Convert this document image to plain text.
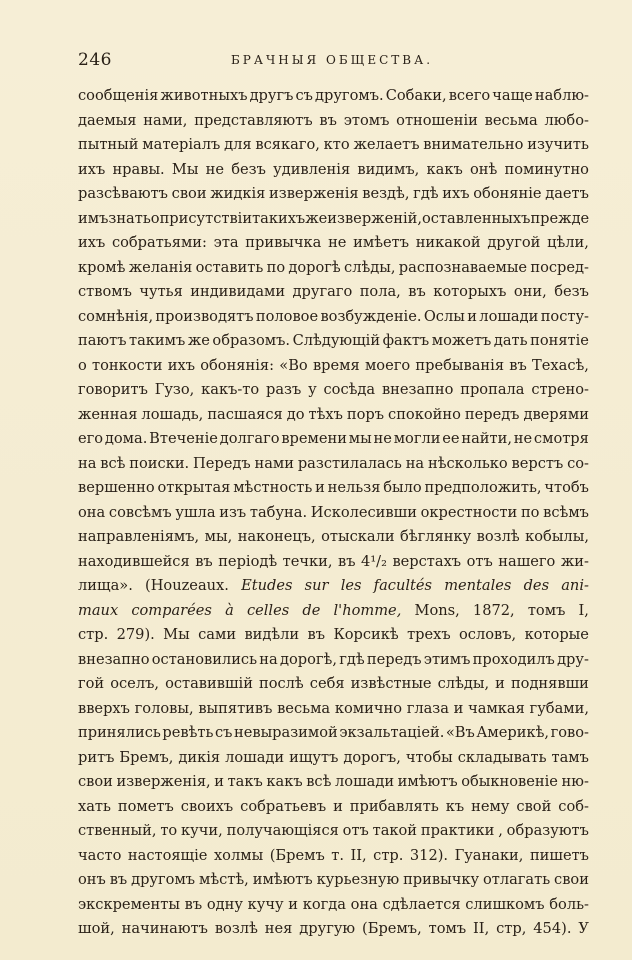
246	БРАЧНЫЯ ОБЩЕСТВА.
сообщенія животныхъ другъ съ другомъ. Собаки, всего чаще наблю-
даемыя нами, представляютъ въ этомъ отношеніи весьма любо-
пытный матеріалъ для всякаго, кто желаетъ внимательно изучить
ихъ нравы. Мы не безъ удивленія видимъ, какъ онѣ поминутно
разсѣваютъ свои жидкія изверженія вездѣ, гдѣ ихъ обоняніе даетъ
имъ знать о присутствіи такихъ же изверженій, оставленныхъ прежде
ихъ собратьями: эта привычка не имѣетъ никакой другой цѣли,
кромѣ желанія оставить по дорогѣ слѣды, распознаваемые посред-
ствомъ чутья индивидами другаго пола, въ которыхъ они, безъ
сомнѣнія, производятъ половое возбужденіе. Ослы и лошади посту-
паютъ такимъ же образомъ. Слѣдующій фактъ можетъ дать понятіе
о тонкости ихъ обонянія: «Во время моего пребыванія въ Техасѣ,
говоритъ Гузо, какъ-то разъ у сосѣда внезапно пропала стрено-
женная лошадь, пасшаяся до тѣхъ поръ спокойно передъ дверями
его дома. Втеченіе долгаго времени мы не могли ее найти, не смотря
на всѣ поиски. Передъ нами разстилалась на нѣсколько верстъ со-
вершенно открытая мѣстность и нельзя было предположить, чтобъ
она совсѣмъ ушла изъ табуна. Исколесивши окрестности по всѣмъ
направленіямъ, мы, наконецъ, отыскали бѣглянку возлѣ кобылы,
находившейся въ періодѣ течки, въ 4¹/₂ верстахъ отъ нашего жи-
лища». (Houzeaux. Etudes sur les facultés mentales des ani-
maux comparées à celles de l'homme, Mons, 1872, томъ I,
стр. 279). Мы сами видѣли въ Корсикѣ трехъ ословъ, которые
внезапно остановились на дорогѣ, гдѣ передъ этимъ проходилъ дру-
гой оселъ, оставившій послѣ себя извѣстные слѣды, и поднявши
вверхъ головы, выпятивъ весьма комично глаза и чамкая губами,
принялись ревѣть съ невыразимой экзальтаціей. «Въ Америкѣ, гово-
ритъ Бремъ, дикія лошади ищутъ дорогъ, чтобы складывать тамъ
свои изверженія, и такъ какъ всѣ лошади имѣютъ обыкновеніе ню-
хать пометъ своихъ собратьевъ и прибавлять къ нему свой соб-
ственный, то кучи, получающіяся отъ такой практики , образуютъ
часто настоящіе холмы (Бремъ т. II, стр. 312). Гуанаки, пишетъ
онъ въ другомъ мѣстѣ, имѣютъ курьезную привычку отлагать свои
экскременты въ одну кучу и когда она сдѣлается слишкомъ боль-
шой, начинаютъ возлѣ нея другую (Бремъ, томъ II, стр, 454). У
